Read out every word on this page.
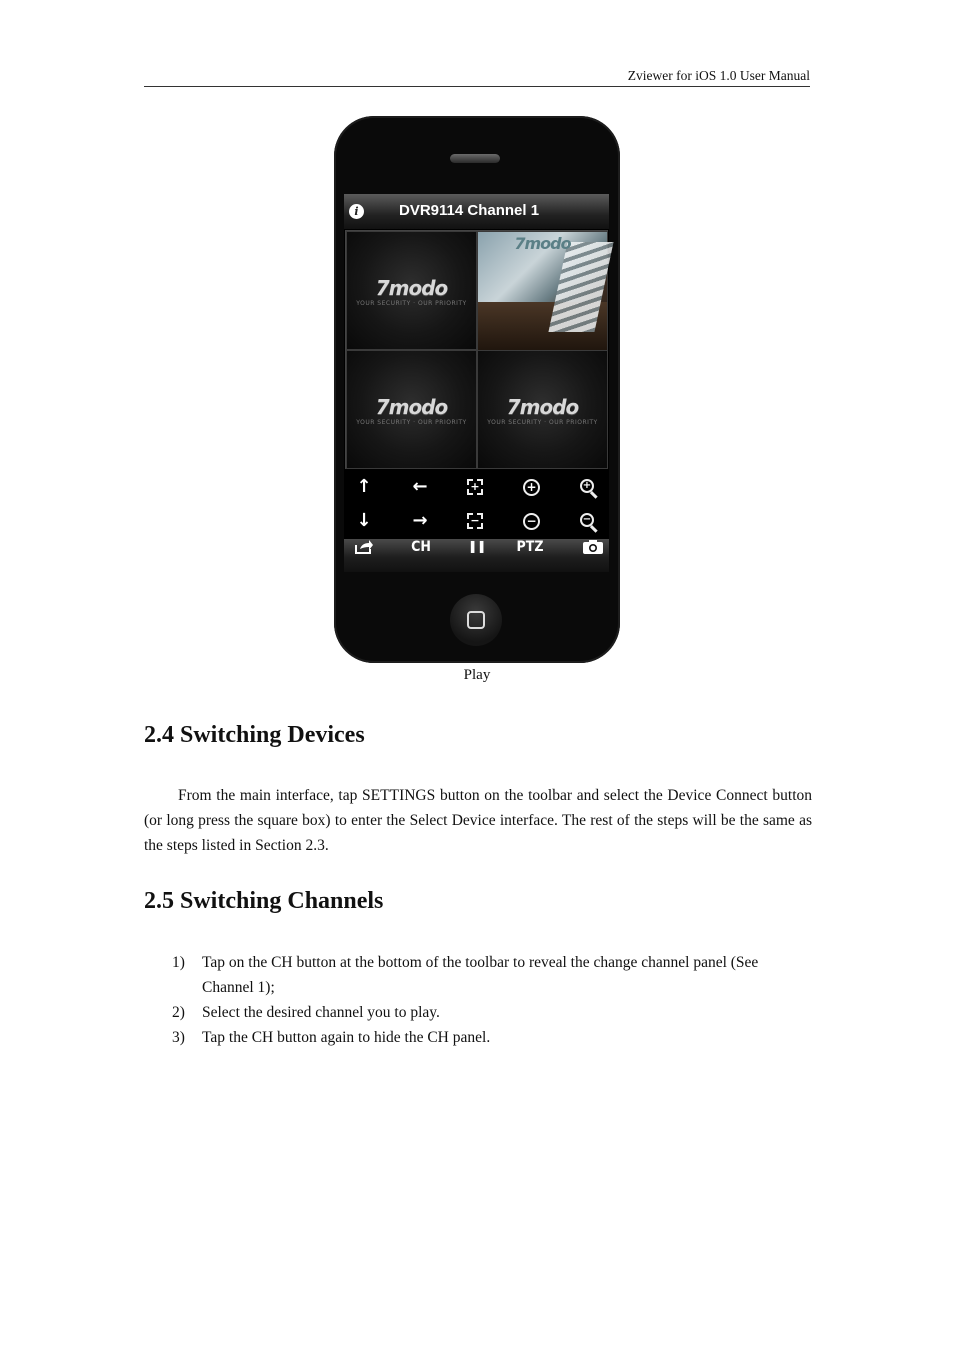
Zviewer for iOS 1.0 User Manual
i	DVR9114 Channel 1
7modo
YOUR SECURITY · OUR PRIORITY
7modo
7modo
YOUR SECURITY · OUR PRIORITY
7modo
YOUR SECURITY · OUR PRIORITY
↑	←	+	+	+
↓	→	−	−	−
CH	❚❚	PTZ
Play
2.4 Switching Devices

From the main interface, tap SETTINGS button on the toolbar and select the Device Connect button (or long press the square box) to enter the Select Device interface. The rest of the steps will be the same as the steps listed in Section 2.3.

2.5 Switching Channels
1) Tap on the CH button at the bottom of the toolbar to reveal the change channel panel (See Channel 1);
2) Select the desired channel you to play.
3) Tap the CH button again to hide the CH panel.
